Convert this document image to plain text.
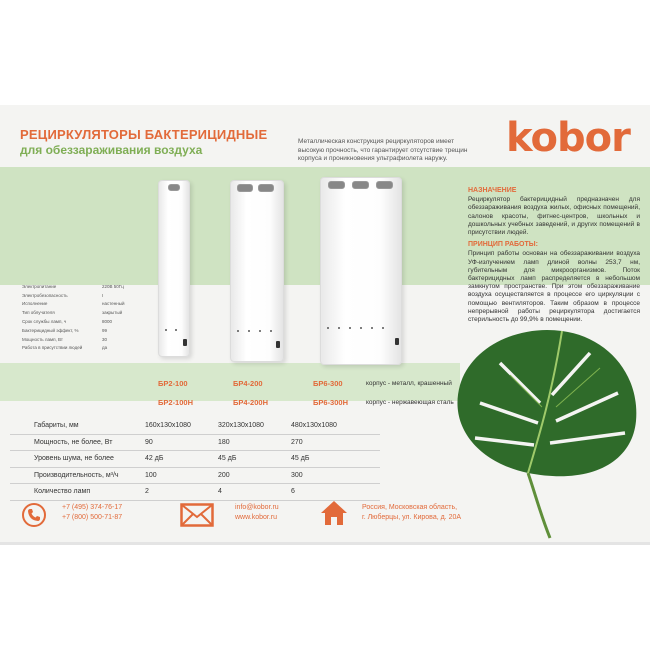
РЕЦИРКУЛЯТОРЫ БАКТЕРИЦИДНЫЕ
для обеззараживания воздуха
Металлическая конструкция рециркуляторов имеет высокую прочность, что гарантирует отсутствие трещин корпуса и проникновения ультрафиолета наружу.	kobor
НАЗНАЧЕНИЕ

Рециркулятор бактерицидный предназначен для обеззараживания воздуха жилых, офисных помещений, салонов красоты, фитнес-центров, школьных и дошкольных учебных заведений, и других помещений в присутствии людей.

ПРИНЦИП РАБОТЫ:

Принцип работы основан на обеззараживании воздуха УФ-излучением ламп длиной волны 253,7 нм, губительным для микроорганизмов. Поток бактерицидных ламп распределяется в небольшом замкнутом пространстве. При этом обеззараживание воздуха осуществляется в процессе его циркуляции с помощью вентиляторов. Таким образом в процессе непрерывной работы рециркулятора достигается стерильность до 99,9% в помещении.

Электропитание	220В 50Гц
Электробезопасность	I
Исполнение	настенный
Тип облучателя	закрытый
Срок службы ламп, ч	8000
Бактерицидный эффект, %	99
Мощность ламп, Вт	30
Работа в присутствии людей	да
БР2-100	БР4-200	БР6-300	корпус - металл, крашенный
БР2-100Н	БР4-200Н	БР6-300Н	корпус - нержавеющая сталь
Габариты, мм	160x130x1080	320x130x1080	480x130x1080
Мощность, не более, Вт	90	180	270
Уровень шума, не более	42 дБ	45 дБ	45 дБ
Производительность, м³/ч	100	200	300
Количество ламп	2	4	6
+7 (495) 374-76-17
+7 (800) 500-71-87
info@kobor.ru
www.kobor.ru
Россия, Московская область,
г. Люберцы, ул. Кирова, д. 20А
